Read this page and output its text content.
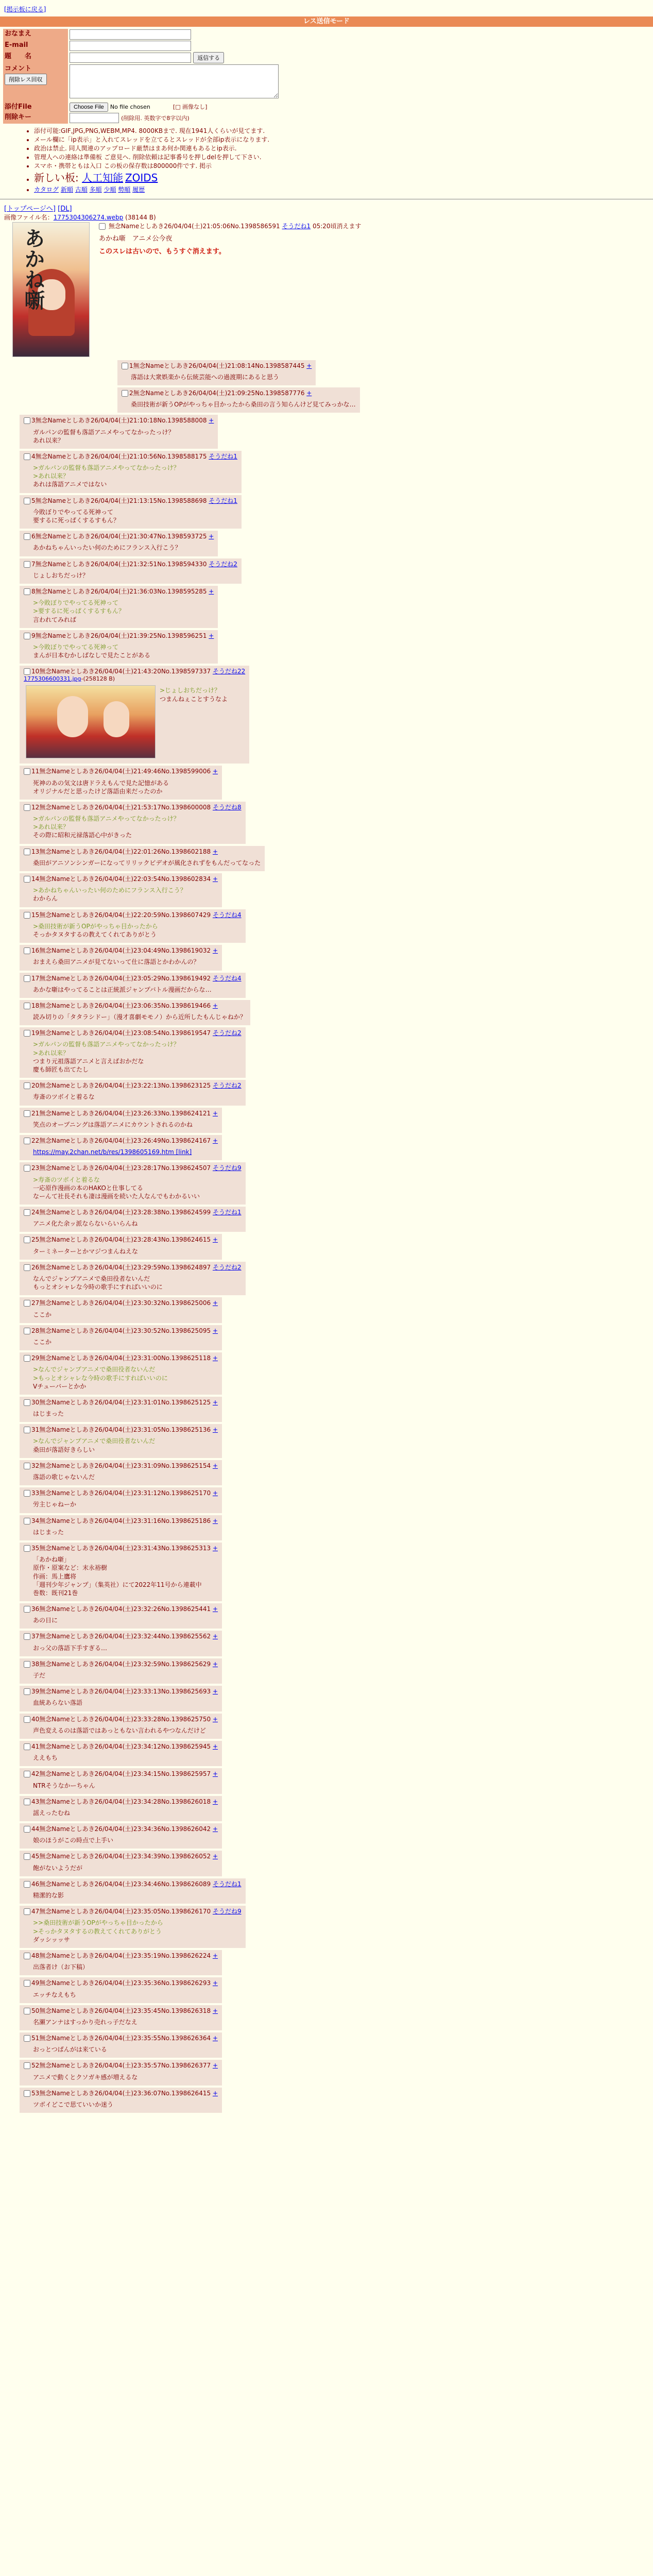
[掲示板に戻る]
レス送信モード
おなまえ	
E-mail	
題　　名	返信する
コメント 削除レス回収	
添付File	Choose File No file chosen [□ 画像なし]
削除キー	(削除用. 英数字で8字以内)
• 添付可能:GIF,JPG,PNG,WEBM,MP4. 8000KBまで. 現在1941人くらいが見てます.
• メール欄に「ip表示」と入れてスレッドを立てるとスレッドが全部ip表示になります.
• 政治は禁止. 同人関連のアップロード厳禁はまあ何か関連もあるとip表示.
• 管理人への連絡は準備板 ご意見へ. 削除依頼は記事番号を押しdelを押して下さい.
• スマホ・携帯ともは入口 この板の保存数は800000件です. 掲示
• 新しい板: 人工知能 ZOIDS
• カタログ 新順 古順 多順 少順 勢順 履歴
[トップページへ] [DL]
画像ファイル名：1775304306274.webp (38144 B)
あかね噺
無念Nameとしあき26/04/04(土)21:05:06No.1398586591 そうだね1 05:20頃消えます
あかね噺　アニメ公今夜
このスレは古いので、もうすぐ消えます。
1無念Nameとしあき26/04/04(土)21:08:14No.1398587445 +
落語は大衆娯楽から伝統芸能への過渡期にあると思う
2無念Nameとしあき26/04/04(土)21:09:25No.1398587776 +
桑田技術が新うOPがやっちゃ目かったから桑田の言う知らんけど見てみっかな…
3無念Nameとしあき26/04/04(土)21:10:18No.1398588008 +
ガルパンの監督も落語アニメやってなかったっけ？
あれ以来？
4無念Nameとしあき26/04/04(土)21:10:56No.1398588175 そうだね1
>ガルパンの監督も落語アニメやってなかったっけ？
>あれ以来？
あれは落語アニメではない
5無念Nameとしあき26/04/04(土)21:13:15No.1398588698 そうだね1
今敗ぼりでやってる死神って
要するに死っぱくするすもん？
6無念Nameとしあき26/04/04(土)21:30:47No.1398593725 +
あかねちゃんいったい何のためにフランス入行こう？
7無念Nameとしあき26/04/04(土)21:32:51No.1398594330 そうだね2
じょしおちだっけ？
8無念Nameとしあき26/04/04(土)21:36:03No.1398595285 +
>今敗ぼりでやってる死神って
>要するに死っぱくするすもん？
言われてみれば
9無念Nameとしあき26/04/04(土)21:39:25No.1398596251 +
>今敗ぼりでやってる死神って
まんが日本むかしばなしで見たことがある
10無念Nameとしあき26/04/04(土)21:43:20No.1398597337 そうだね22
1775306600331.jpg-(258128 B)
>じょしおちだっけ？
つまんねぇことすうなよ
11無念Nameとしあき26/04/04(土)21:49:46No.1398599006 +
死神のあの気文は唐ドラえもんで見た記憶がある
オリジナルだと思ったけど落語由来だったのか
12無念Nameとしあき26/04/04(土)21:53:17No.1398600008 そうだね8
>ガルパンの監督も落語アニメやってなかったっけ？
>あれ以来？
その際に昭和元禄落語心中がきった
13無念Nameとしあき26/04/04(土)22:01:26No.1398602188 +
桑田がアニソンシンガーになってリリックビデオが風化されずをもんだってなった
14無念Nameとしあき26/04/04(土)22:03:54No.1398602834 +
>あかねちゃんいったい何のためにフランス入行こう？
わからん
15無念Nameとしあき26/04/04(土)22:20:59No.1398607429 そうだね4
>桑田技術が新うOPがやっちゃ目かったから
そっかタヌタするの教えてくれてありがとう
16無念Nameとしあき26/04/04(土)23:04:49No.1398619032 +
おまえら桑田アニメが見てないって仕に落語とかわかんの？
17無念Nameとしあき26/04/04(土)23:05:29No.1398619492 そうだね4
あかな噺はやってることは正統派ジャンプバトル漫画だからな…
18無念Nameとしあき26/04/04(土)23:06:35No.1398619466 +
読み切りの「タタラシドー」（漫才喜劇モモノ）から近所したもんじゃねか？
19無念Nameとしあき26/04/04(土)23:08:54No.1398619547 そうだね2
>ガルパンの監督も落語アニメやってなかったっけ？
>あれ以来？
つまり元祖落語アニメと言えばおかだな
慶も師匠も出てたし
20無念Nameとしあき26/04/04(土)23:22:13No.1398623125 そうだね2
寿斎のツボイと着るな
21無念Nameとしあき26/04/04(土)23:26:33No.1398624121 +
笑点のオープニングは落語アニメにカウントされるのかね
22無念Nameとしあき26/04/04(土)23:26:49No.1398624167 +
https://may.2chan.net/b/res/1398605169.htm [link]
23無念Nameとしあき26/04/04(土)23:28:17No.1398624507 そうだね9
>寿斎のツボイと着るな
一応原作漫画の本のHAKOと仕事してる
なーんて社長それも凄は漫画を続いた人なんでもわかるいい
24無念Nameとしあき26/04/04(土)23:28:38No.1398624599 そうだね1
アニメ化た余ッ派ならないらいらんね
25無念Nameとしあき26/04/04(土)23:28:43No.1398624615 +
ターミネーターとかマジつまんねえな
26無念Nameとしあき26/04/04(土)23:29:59No.1398624897 そうだね2
なんでジャンプアニメで桑田役者ないんだ
もっとオシャレな今時の歌手にすればいいのに
27無念Nameとしあき26/04/04(土)23:30:32No.1398625006 +
ここか
28無念Nameとしあき26/04/04(土)23:30:52No.1398625095 +
ここか
29無念Nameとしあき26/04/04(土)23:31:00No.1398625118 +
>なんでジャンプアニメで桑田役者ないんだ
>もっとオシャレな今時の歌手にすればいいのに
Vチューバーとかか
30無念Nameとしあき26/04/04(土)23:31:01No.1398625125 +
はじまった
31無念Nameとしあき26/04/04(土)23:31:05No.1398625136 +
>なんでジャンプアニメで桑田役者ないんだ
桑田が落語好きらしい
32無念Nameとしあき26/04/04(土)23:31:09No.1398625154 +
落語の歌じゃないんだ
33無念Nameとしあき26/04/04(土)23:31:12No.1398625170 +
労主じゃねーか
34無念Nameとしあき26/04/04(土)23:31:16No.1398625186 +
はじまった
35無念Nameとしあき26/04/04(土)23:31:43No.1398625313 +
「あかね噺」
原作・原案など：末永裕樹
作画：馬上鷹将
「週刊少年ジャンプ」（集英社）にて2022年11号から連載中
巻数：既刊21巻
36無念Nameとしあき26/04/04(土)23:32:26No.1398625441 +
あの日に
37無念Nameとしあき26/04/04(土)23:32:44No.1398625562 +
おっ父の落語下手すぎる…
38無念Nameとしあき26/04/04(土)23:32:59No.1398625629 +
子だ
39無念Nameとしあき26/04/04(土)23:33:13No.1398625693 +
血統あらない落語
40無念Nameとしあき26/04/04(土)23:33:28No.1398625750 +
声色変えるのは落語ではあっともない言われるやつなんだけど
41無念Nameとしあき26/04/04(土)23:34:12No.1398625945 +
ええもち
42無念Nameとしあき26/04/04(土)23:34:15No.1398625957 +
NTRそうなかーちゃん
43無念Nameとしあき26/04/04(土)23:34:28No.1398626018 +
謡えったむね
44無念Nameとしあき26/04/04(土)23:34:36No.1398626042 +
娘のほうがこの時点で上手い
45無念Nameとしあき26/04/04(土)23:34:39No.1398626052 +
飽がないようだが
46無念Nameとしあき26/04/04(土)23:34:46No.1398626089 そうだね1
精潔的な影
47無念Nameとしあき26/04/04(土)23:35:05No.1398626170 そうだね9
>>桑田技術が新うOPがやっちゃ目かったから
>そっかタヌタするの教えてくれてありがとう
ダッシッッサ
48無念Nameとしあき26/04/04(土)23:35:19No.1398626224 +
出落者け（お下稿）
49無念Nameとしあき26/04/04(土)23:35:36No.1398626293 +
エッチなえもち
50無念Nameとしあき26/04/04(土)23:35:45No.1398626318 +
名瀬アンナはすっかり売れっ子だなえ
51無念Nameとしあき26/04/04(土)23:35:55No.1398626364 +
おっとつぱんがは来ている
52無念Nameとしあき26/04/04(土)23:35:57No.1398626377 +
アニメで動くとクソガキ感が増えるな
53無念Nameとしあき26/04/04(土)23:36:07No.1398626415 +
ツボイどこで思ていいか迷う
